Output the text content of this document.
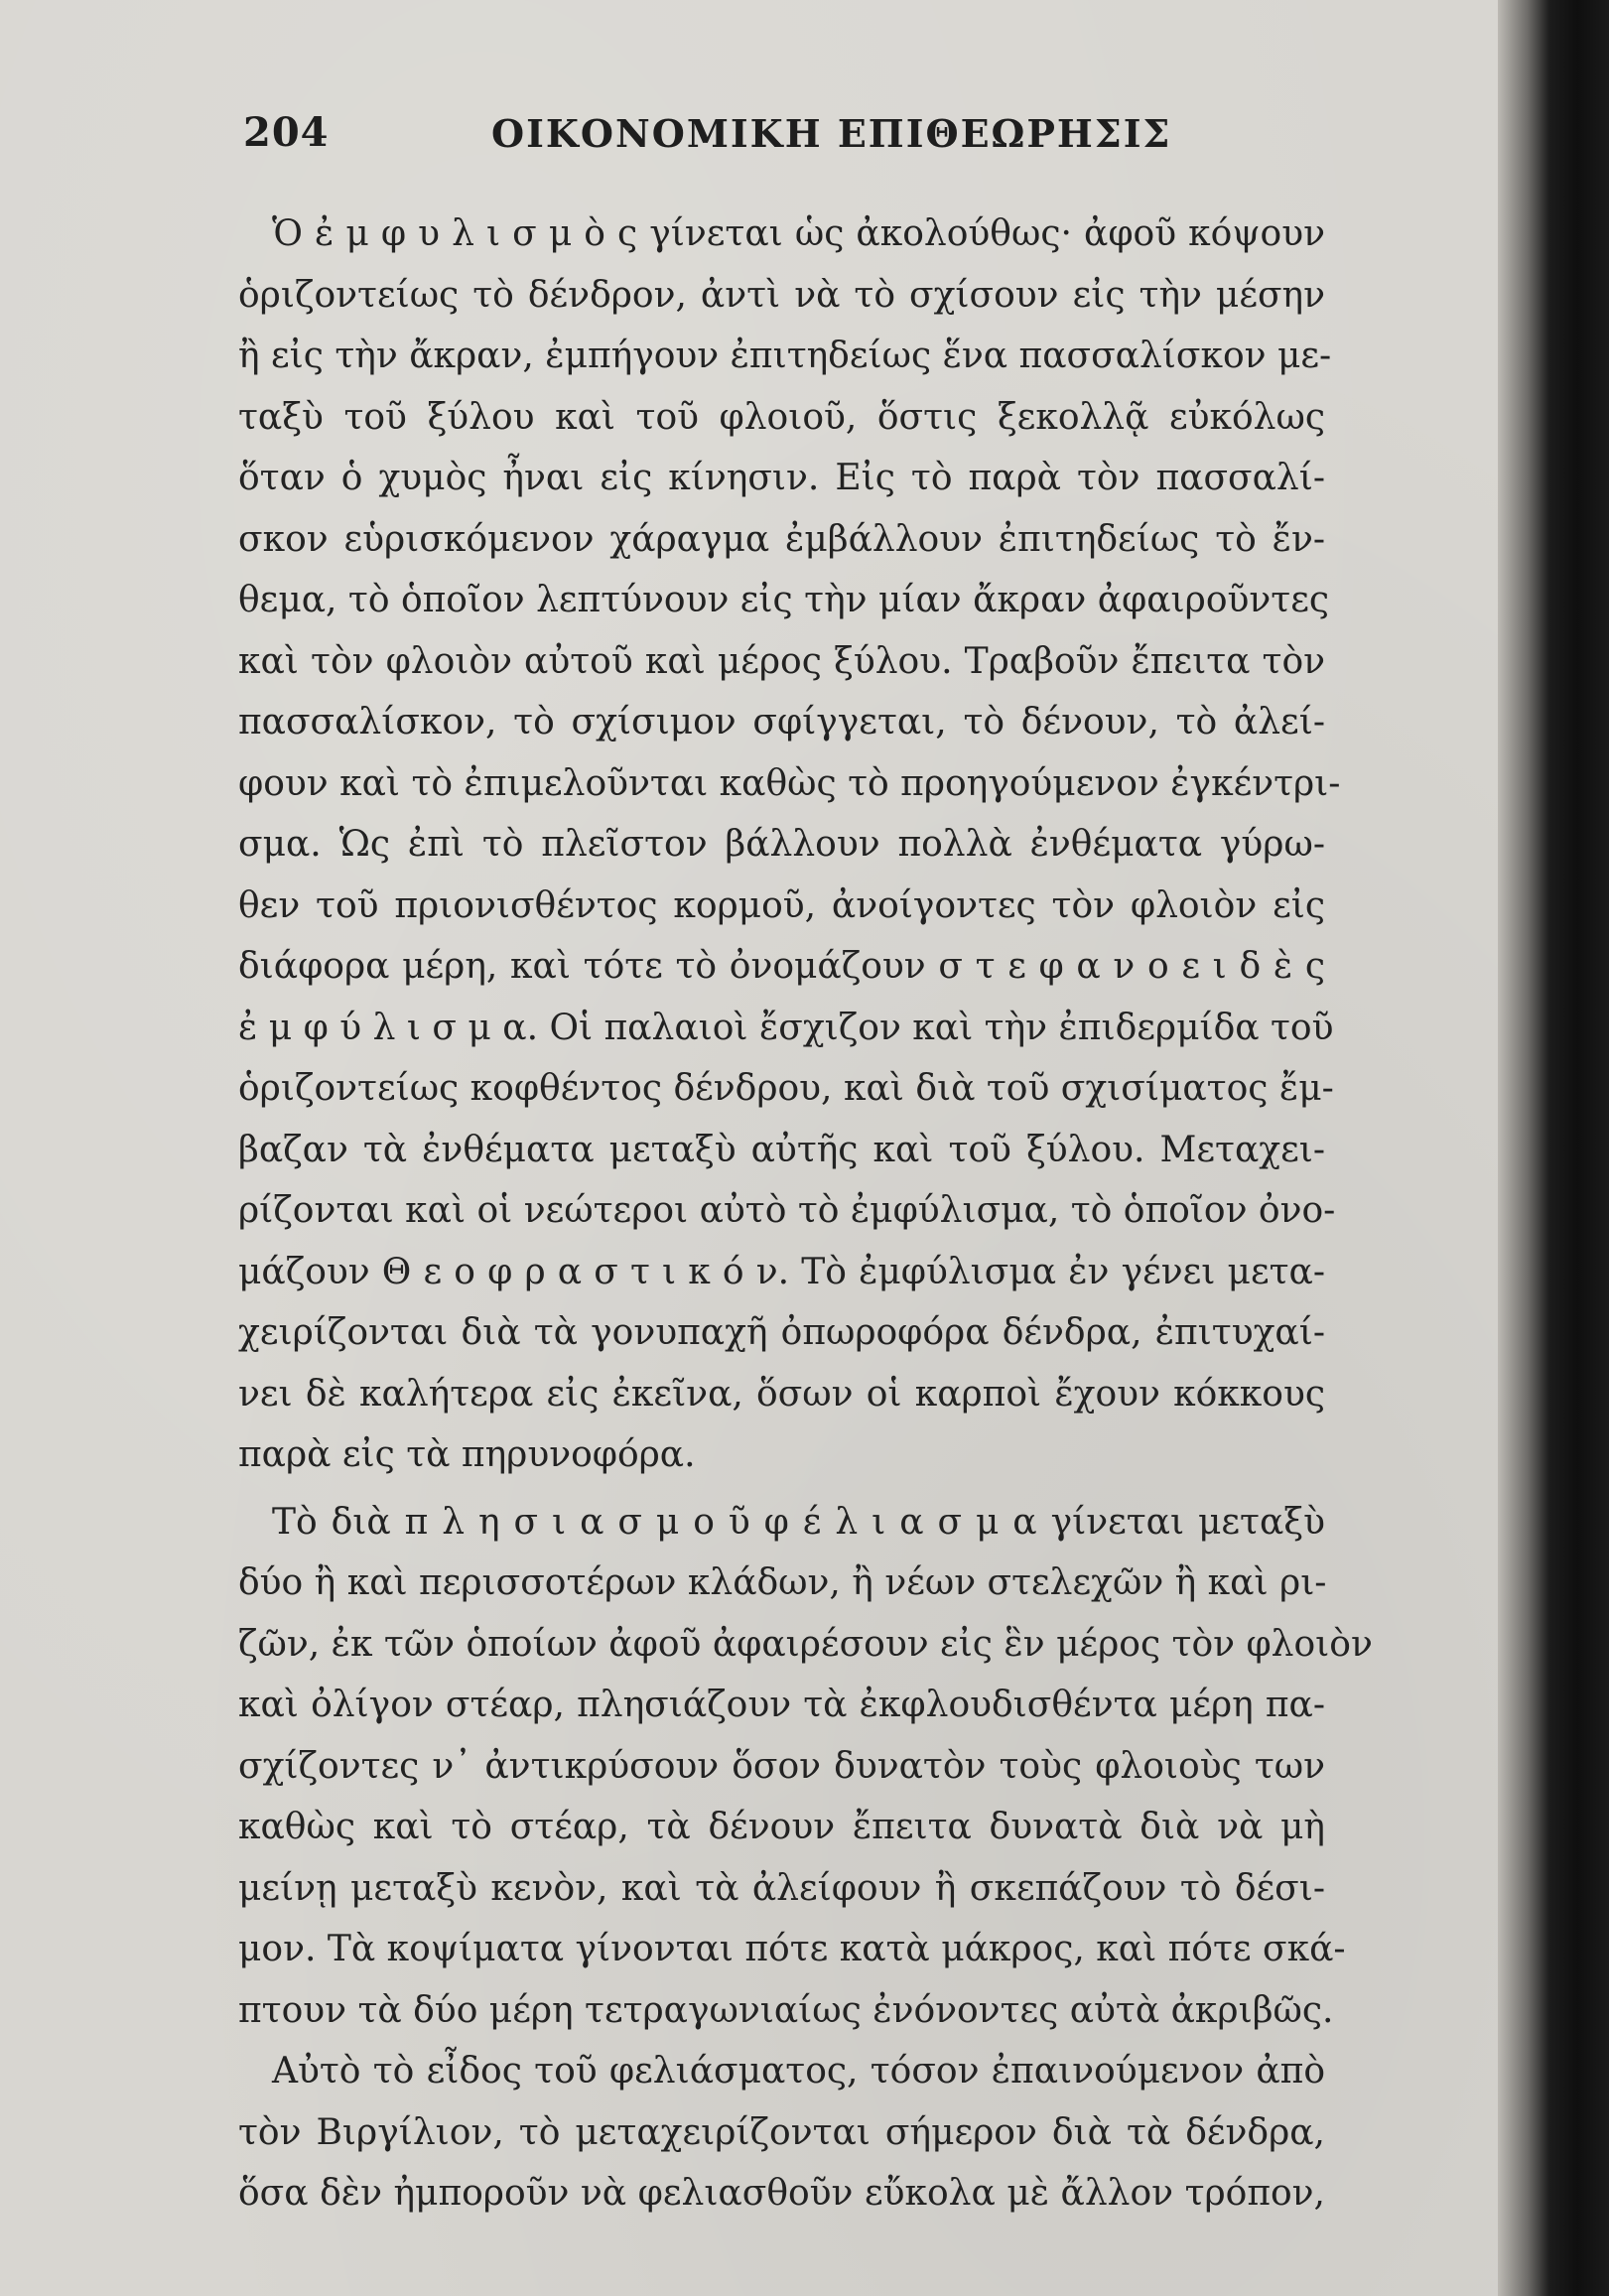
204	ΟΙΚΟΝΟΜΙΚΗ ΕΠΙΘΕΩΡΗΣΙΣ
Ὁ ἐ μ φ υ λ ι σ μ ὸ ς γίνεται ὡς ἀκολούθως· ἀφοῦ κόψουν
ὁριζοντείως τὸ δένδρον, ἀντὶ νὰ τὸ σχίσουν εἰς τὴν μέσην
ἢ εἰς τὴν ἄκραν, ἐμπήγουν ἐπιτηδείως ἕνα πασσαλίσκον με-
ταξὺ τοῦ ξύλου καὶ τοῦ φλοιοῦ, ὅστις ξεκολλᾷ εὐκόλως
ὅταν ὁ χυμὸς ἦναι εἰς κίνησιν. Εἰς τὸ παρὰ τὸν πασσαλί-
σκον εὑρισκόμενον χάραγμα ἐμβάλλουν ἐπιτηδείως τὸ ἔν-
θεμα, τὸ ὁποῖον λεπτύνουν εἰς τὴν μίαν ἄκραν ἀφαιροῦντες
καὶ τὸν φλοιὸν αὐτοῦ καὶ μέρος ξύλου. Τραβοῦν ἔπειτα τὸν
πασσαλίσκον, τὸ σχίσιμον σφίγγεται, τὸ δένουν, τὸ ἀλεί-
φουν καὶ τὸ ἐπιμελοῦνται καθὼς τὸ προηγούμενον ἐγκέντρι-
σμα. Ὡς ἐπὶ τὸ πλεῖστον βάλλουν πολλὰ ἐνθέματα γύρω-
θεν τοῦ πριονισθέντος κορμοῦ, ἀνοίγοντες τὸν φλοιὸν εἰς
διάφορα μέρη, καὶ τότε τὸ ὀνομάζουν σ τ ε φ α ν ο ε ι δ ὲ ς
ἐ μ φ ύ λ ι σ μ α. Οἱ παλαιοὶ ἔσχιζον καὶ τὴν ἐπιδερμίδα τοῦ
ὁριζοντείως κοφθέντος δένδρου, καὶ διὰ τοῦ σχισίματος ἔμ-
βαζαν τὰ ἐνθέματα μεταξὺ αὐτῆς καὶ τοῦ ξύλου. Μεταχει-
ρίζονται καὶ οἱ νεώτεροι αὐτὸ τὸ ἐμφύλισμα, τὸ ὁποῖον ὀνο-
μάζουν Θ ε ο φ ρ α σ τ ι κ ό ν. Τὸ ἐμφύλισμα ἐν γένει μετα-
χειρίζονται διὰ τὰ γονυπαχῆ ὀπωροφόρα δένδρα, ἐπιτυχαί-
νει δὲ καλήτερα εἰς ἐκεῖνα, ὅσων οἱ καρποὶ ἔχουν κόκκους
παρὰ εἰς τὰ πηρυνοφόρα.
Τὸ διὰ π λ η σ ι α σ μ ο ῦ φ έ λ ι α σ μ α γίνεται μεταξὺ
δύο ἢ καὶ περισσοτέρων κλάδων, ἢ νέων στελεχῶν ἢ καὶ ρι-
ζῶν, ἐκ τῶν ὁποίων ἀφοῦ ἀφαιρέσουν εἰς ἓν μέρος τὸν φλοιὸν
καὶ ὀλίγον στέαρ, πλησιάζουν τὰ ἐκφλουδισθέντα μέρη πα-
σχίζοντες ν᾽ ἀντικρύσουν ὅσον δυνατὸν τοὺς φλοιοὺς των
καθὼς καὶ τὸ στέαρ, τὰ δένουν ἔπειτα δυνατὰ διὰ νὰ μὴ
μείνῃ μεταξὺ κενὸν, καὶ τὰ ἀλείφουν ἢ σκεπάζουν τὸ δέσι-
μον. Τὰ κοψίματα γίνονται πότε κατὰ μάκρος, καὶ πότε σκά-
πτουν τὰ δύο μέρη τετραγωνιαίως ἐνόνοντες αὐτὰ ἀκριβῶς.
Αὐτὸ τὸ εἶδος τοῦ φελιάσματος, τόσον ἐπαινούμενον ἀπὸ
τὸν Βιργίλιον, τὸ μεταχειρίζονται σήμερον διὰ τὰ δένδρα,
ὅσα δὲν ἠμποροῦν νὰ φελιασθοῦν εὔκολα μὲ ἄλλον τρόπον,
